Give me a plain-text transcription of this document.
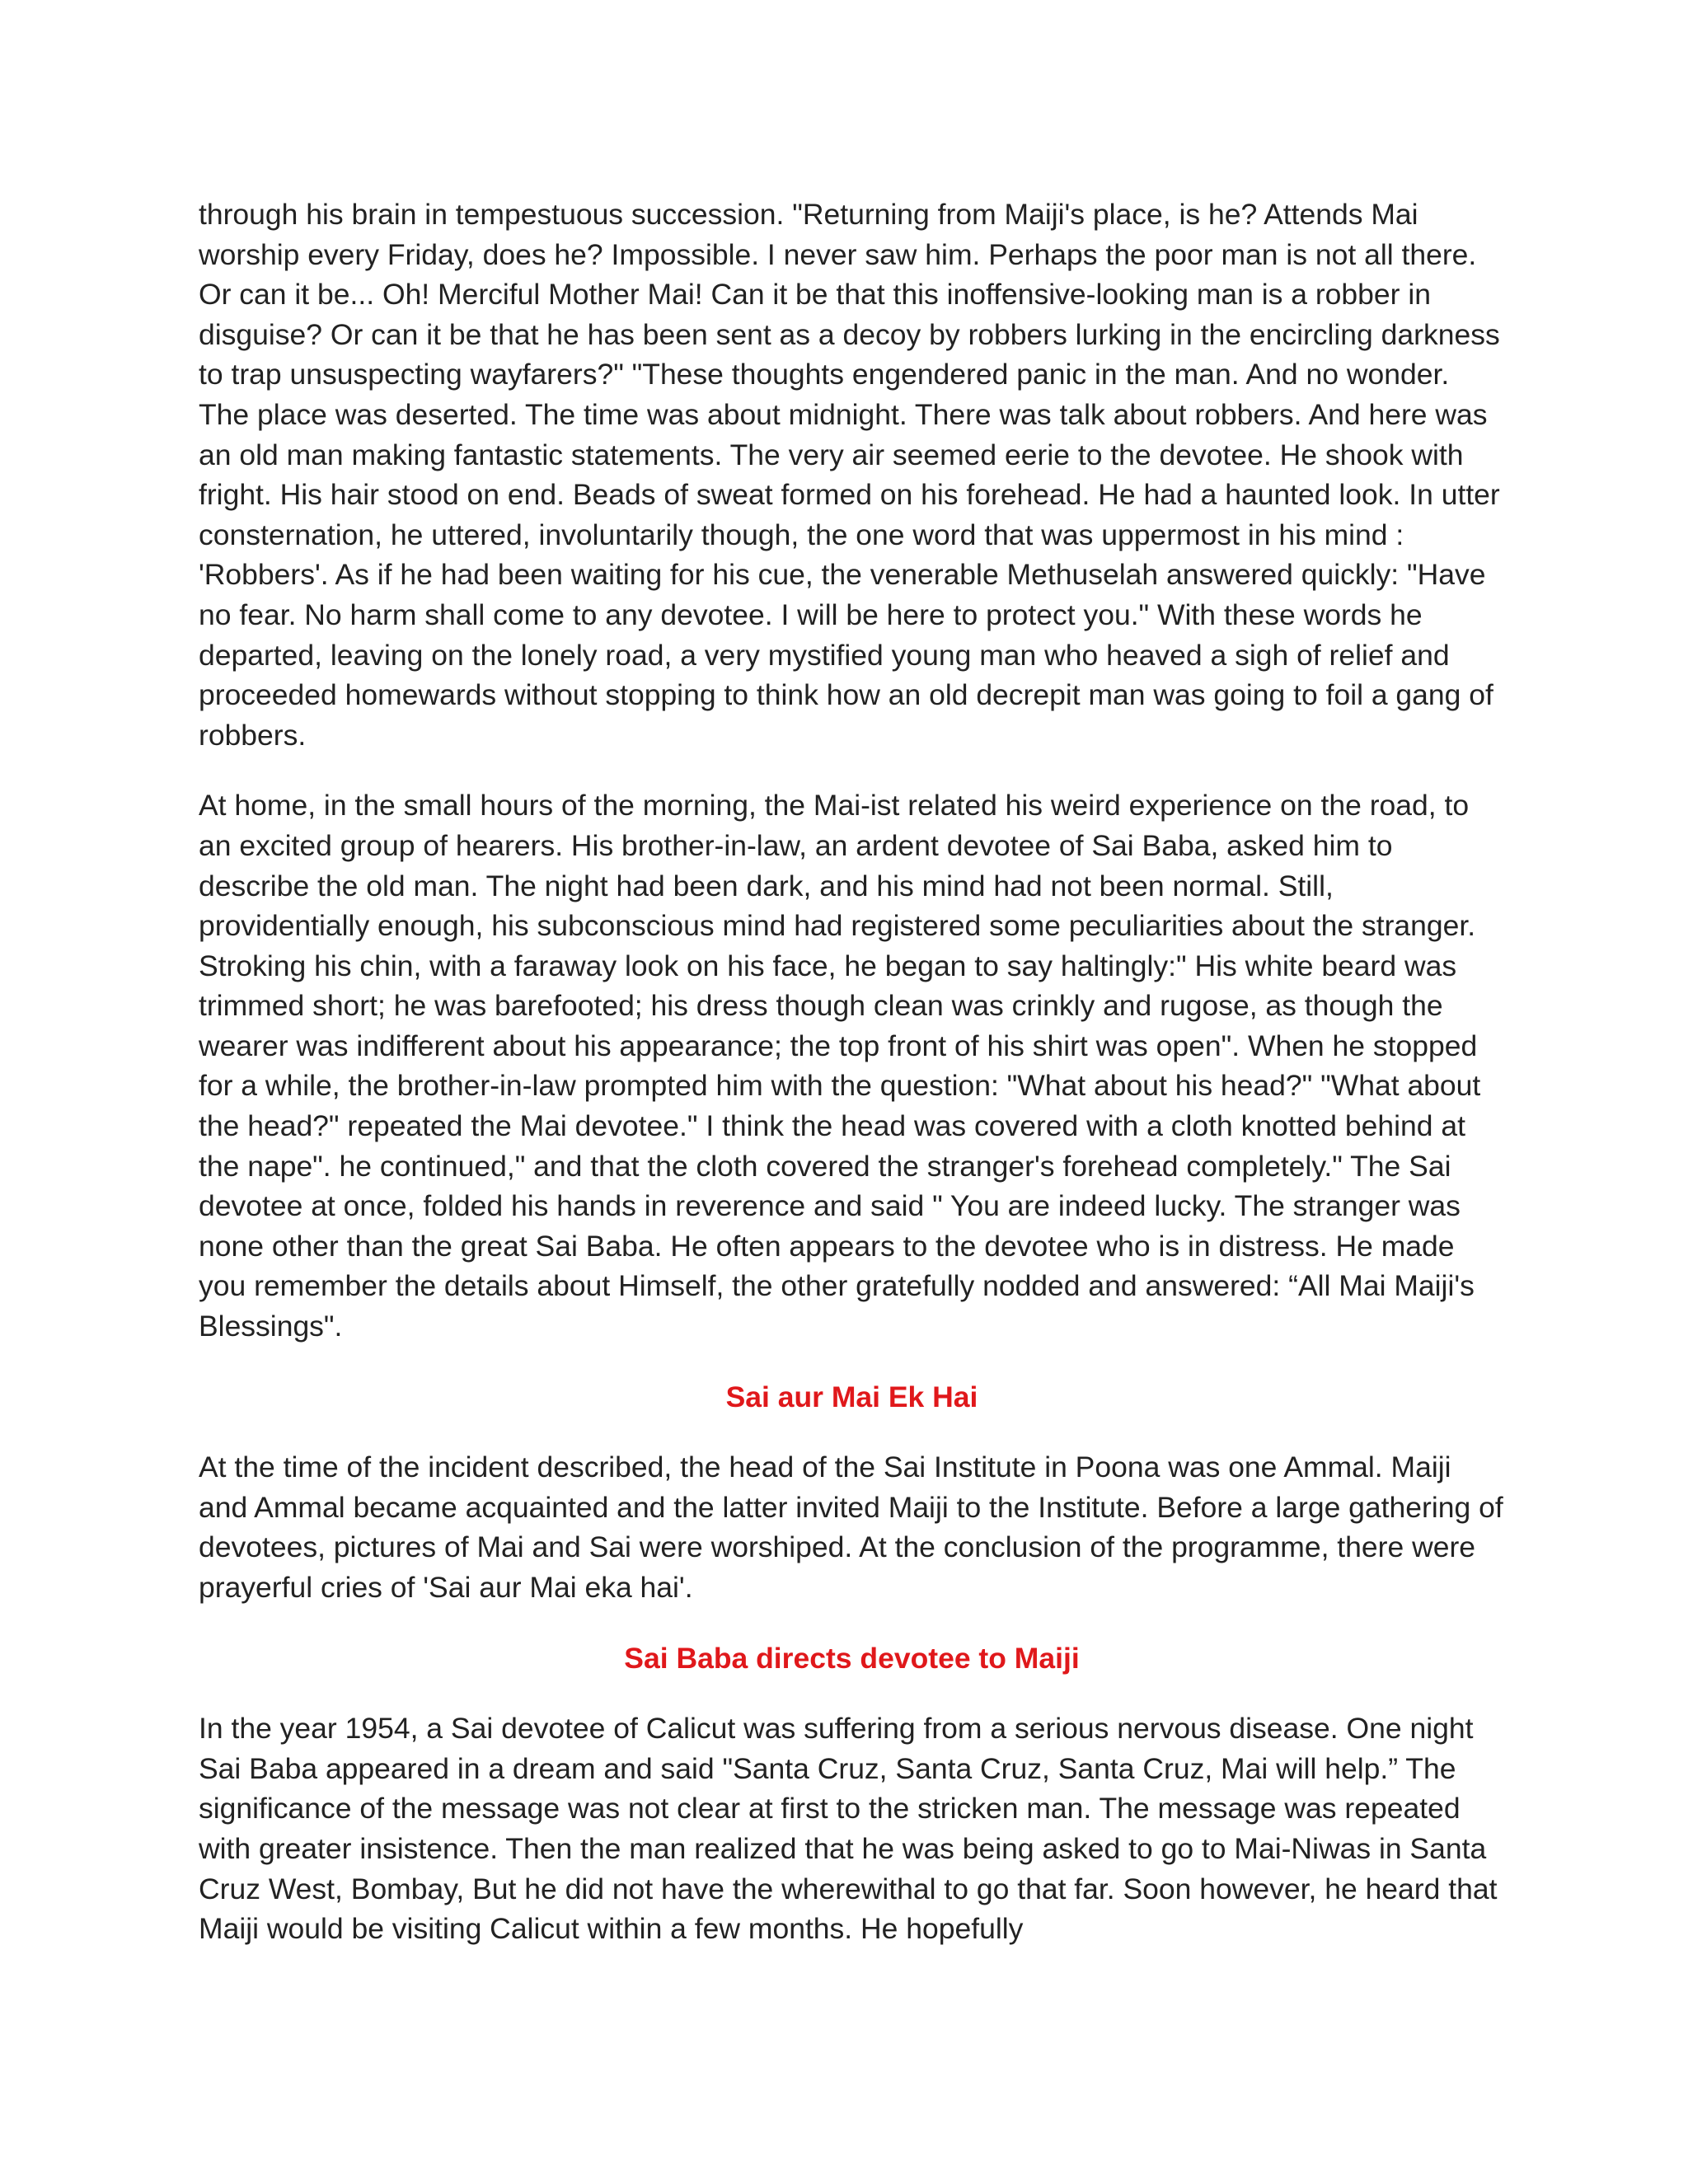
through his brain in tempestuous succession. "Returning from Maiji's place, is he? Attends Mai worship every Friday, does he? Impossible. I never saw him. Perhaps the poor man is not all there. Or can it be... Oh! Merciful Mother Mai! Can it be that this inoffensive-looking man is a robber in disguise? Or can it be that he has been sent as a decoy by robbers lurking in the encircling darkness to trap unsuspecting wayfarers?" "These thoughts engendered panic in the man. And no wonder. The place was deserted. The time was about midnight. There was talk about robbers. And here was an old man making fantastic statements. The very air seemed eerie to the devotee. He shook with fright. His hair stood on end. Beads of sweat formed on his forehead. He had a haunted look. In utter consternation, he uttered, involuntarily though, the one word that was uppermost in his mind : 'Robbers'. As if he had been waiting for his cue, the venerable Methuselah answered quickly: "Have no fear. No harm shall come to any devotee. I will be here to protect you." With these words he departed, leaving on the lonely road, a very mystified young man who heaved a sigh of relief and proceeded homewards without stopping to think how an old decrepit man was going to foil a gang of robbers.

At home, in the small hours of the morning, the Mai-ist related his weird experience on the road, to an excited group of hearers. His brother-in-law, an ardent devotee of Sai Baba, asked him to describe the old man. The night had been dark, and his mind had not been normal. Still, providentially enough, his subconscious mind had registered some peculiarities about the stranger. Stroking his chin, with a faraway look on his face, he began to say haltingly:" His white beard was trimmed short; he was barefooted; his dress though clean was crinkly and rugose, as though the wearer was indifferent about his appearance; the top front of his shirt was open". When he stopped for a while, the brother-in-law prompted him with the question: "What about his head?" "What about the head?" repeated the Mai devotee." I think the head was covered with a cloth knotted behind at the nape". he continued," and that the cloth covered the stranger's forehead completely." The Sai devotee at once, folded his hands in reverence and said " You are indeed lucky. The stranger was none other than the great Sai Baba. He often appears to the devotee who is in distress. He made you remember the details about Himself, the other gratefully nodded and answered: “All Mai Maiji's Blessings".

Sai aur Mai Ek Hai

At the time of the incident described, the head of the Sai Institute in Poona was one Ammal. Maiji and Ammal became acquainted and the latter invited Maiji to the Institute. Before a large gathering of devotees, pictures of Mai and Sai were worshiped. At the conclusion of the programme, there were prayerful cries of 'Sai aur Mai eka hai'.

Sai Baba directs devotee to Maiji

In the year 1954, a Sai devotee of Calicut was suffering from a serious nervous disease. One night Sai Baba appeared in a dream and said "Santa Cruz, Santa Cruz, Santa Cruz, Mai will help.” The significance of the message was not clear at first to the stricken man. The message was repeated with greater insistence. Then the man realized that he was being asked to go to Mai-Niwas in Santa Cruz West, Bombay, But he did not have the wherewithal to go that far. Soon however, he heard that Maiji would be visiting Calicut within a few months. He hopefully
